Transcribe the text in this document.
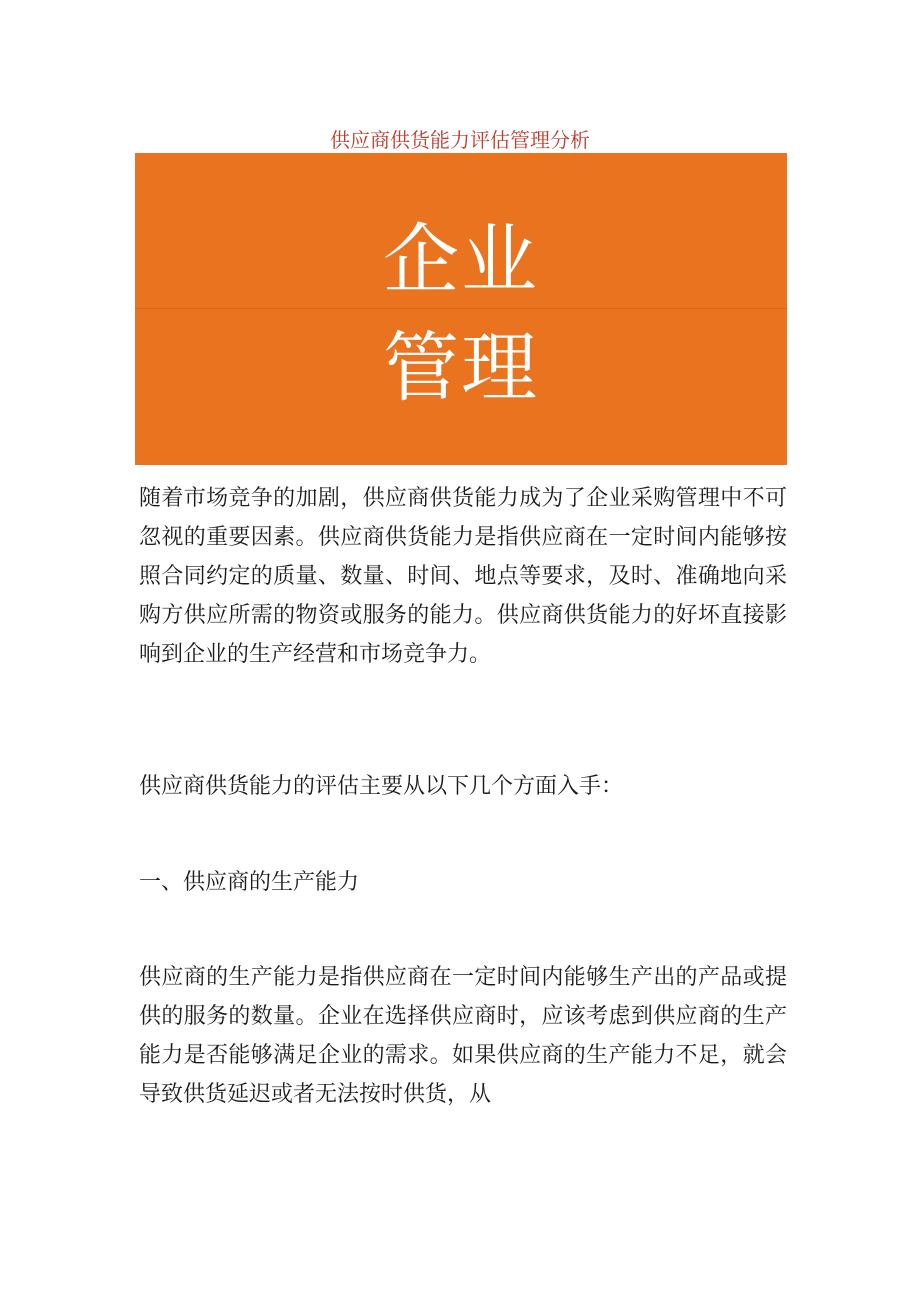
供应商供货能力评估管理分析
企业
管理

随着市场竞争的加剧，供应商供货能力成为了企业采购管理中不可忽视的重要因素。供应商供货能力是指供应商在一定时间内能够按照合同约定的质量、数量、时间、地点等要求，及时、准确地向采购方供应所需的物资或服务的能力。供应商供货能力的好坏直接影响到企业的生产经营和市场竞争力。

供应商供货能力的评估主要从以下几个方面入手：

一、供应商的生产能力

供应商的生产能力是指供应商在一定时间内能够生产出的产品或提供的服务的数量。企业在选择供应商时，应该考虑到供应商的生产能力是否能够满足企业的需求。如果供应商的生产能力不足，就会导致供货延迟或者无法按时供货，从
